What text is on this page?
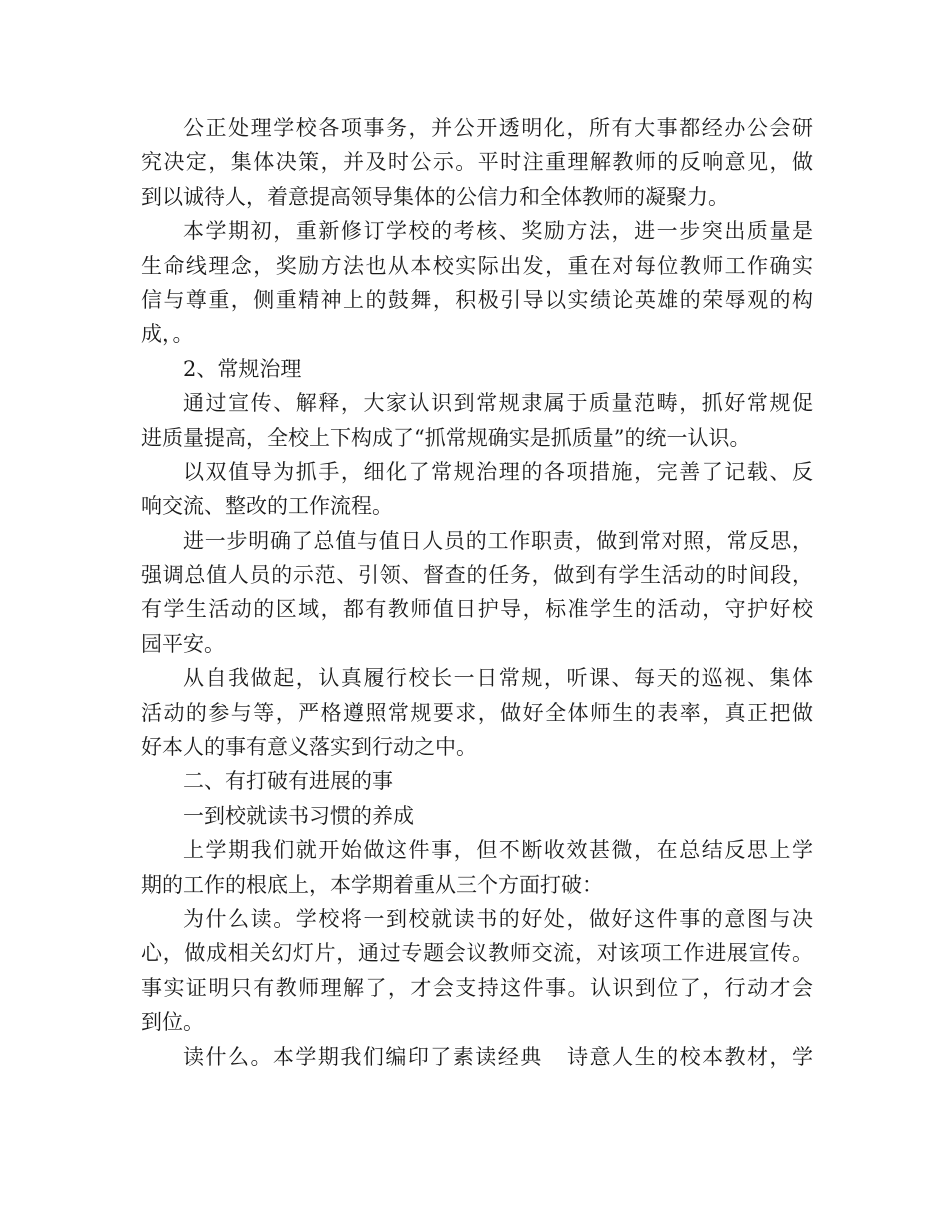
公正处理学校各项事务，并公开透明化，所有大事都经办公会研
究决定，集体决策，并及时公示。平时注重理解教师的反响意见，做
到以诚待人，着意提高领导集体的公信力和全体教师的凝聚力。
本学期初，重新修订学校的考核、奖励方法，进一步突出质量是
生命线理念，奖励方法也从本校实际出发，重在对每位教师工作确实
信与尊重，侧重精神上的鼓舞，积极引导以实绩论英雄的荣辱观的构
成，。
2、常规治理
通过宣传、解释，大家认识到常规隶属于质量范畴，抓好常规促
进质量提高，全校上下构成了“抓常规确实是抓质量”的统一认识。
以双值导为抓手，细化了常规治理的各项措施，完善了记载、反
响交流、整改的工作流程。
进一步明确了总值与值日人员的工作职责，做到常对照，常反思，
强调总值人员的示范、引领、督查的任务，做到有学生活动的时间段，
有学生活动的区域，都有教师值日护导，标准学生的活动，守护好校
园平安。
从自我做起，认真履行校长一日常规，听课、每天的巡视、集体
活动的参与等，严格遵照常规要求，做好全体师生的表率，真正把做
好本人的事有意义落实到行动之中。
二、有打破有进展的事
一到校就读书习惯的养成
上学期我们就开始做这件事，但不断收效甚微，在总结反思上学
期的工作的根底上，本学期着重从三个方面打破：
为什么读。学校将一到校就读书的好处，做好这件事的意图与决
心，做成相关幻灯片，通过专题会议教师交流，对该项工作进展宣传。
事实证明只有教师理解了，才会支持这件事。认识到位了，行动才会
到位。
读什么。本学期我们编印了素读经典   诗意人生的校本教材，学
